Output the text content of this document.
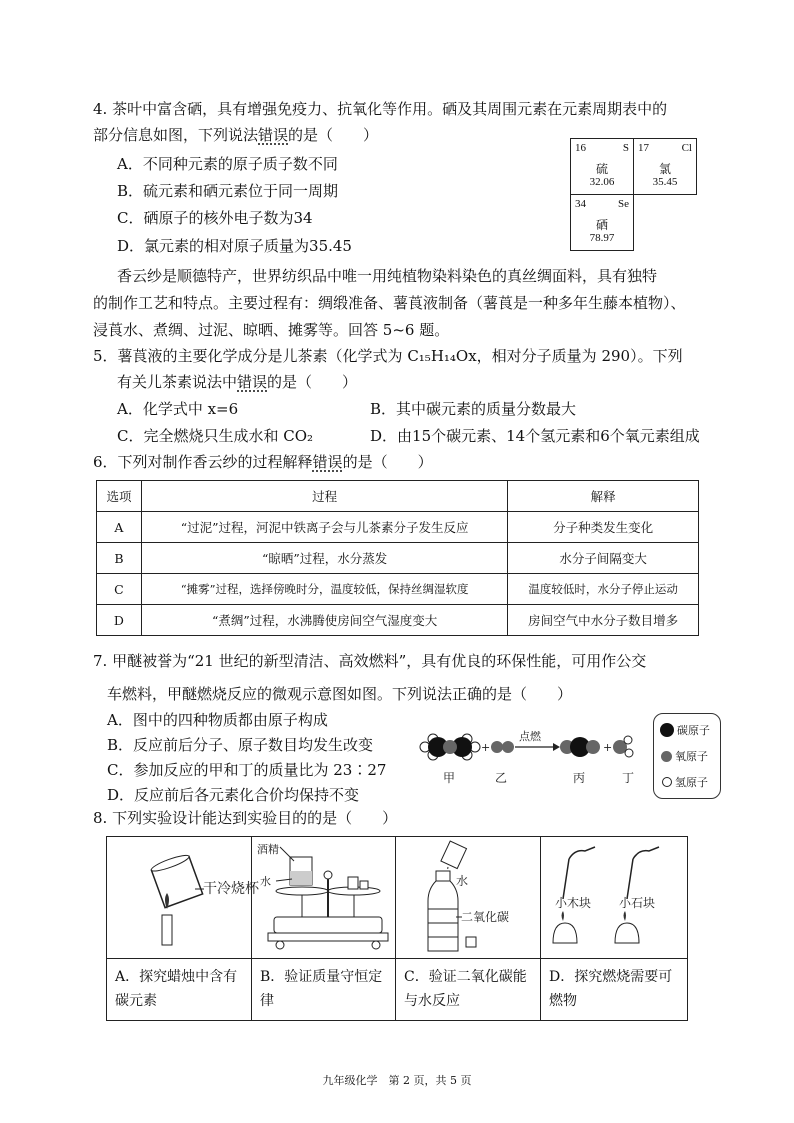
4. 茶叶中富含硒，具有增强免疫力、抗氧化等作用。硒及其周围元素在元素周期表中的
部分信息如图，下列说法错误的是（　　）
A．不同种元素的原子质子数不同
B．硫元素和硒元素位于同一周期
C．硒原子的核外电子数为34
D．氯元素的相对原子质量为35.45
16	S
硫
32.06
17	Cl
氯
35.45
34	Se
硒
78.97
香云纱是顺德特产，世界纺织品中唯一用纯植物染料染色的真丝绸面料，具有独特
的制作工艺和特点。主要过程有：绸缎准备、薯莨液制备（薯莨是一种多年生藤本植物）、
浸莨水、煮绸、过泥、晾晒、摊雾等。回答 5~6 题。
5．薯莨液的主要化学成分是儿茶素（化学式为 C₁₅H₁₄Ox，相对分子质量为 290）。下列
有关儿茶素说法中错误的是（　　）
A．化学式中 x=6	B．其中碳元素的质量分数最大
C．完全燃烧只生成水和 CO₂	D．由15个碳元素、14个氢元素和6个氧元素组成
6．下列对制作香云纱的过程解释错误的是（　　）
选项	过程	解释
A	“过泥”过程，河泥中铁离子会与儿茶素分子发生反应	分子种类发生变化
B	“晾晒”过程，水分蒸发	水分子间隔变大
C	“摊雾”过程，选择傍晚时分，温度较低，保持丝绸湿软度	温度较低时，水分子停止运动
D	“煮绸”过程，水沸腾使房间空气湿度变大	房间空气中水分子数目增多
7. 甲醚被誉为“21 世纪的新型清洁、高效燃料”，具有优良的环保性能，可用作公交
车燃料，甲醚燃烧反应的微观示意图如图。下列说法正确的是（　　）
A．图中的四种物质都由原子构成
B．反应前后分子、原子数目均发生改变
C．参加反应的甲和丁的质量比为 23∶27
D．反应前后各元素化合价均保持不变
+
点燃
+
甲	乙	丙	丁
碳原子
氧原子
氢原子
8. 下列实验设计能达到实验目的的是（　　）
干冷烧杯
酒精
水	水
二氧化碳
小木块 小石块
A．探究蜡烛中含有碳元素
B．验证质量守恒定律
C．验证二氧化碳能与水反应
D．探究燃烧需要可燃物
九年级化学　第 2 页，共 5 页
